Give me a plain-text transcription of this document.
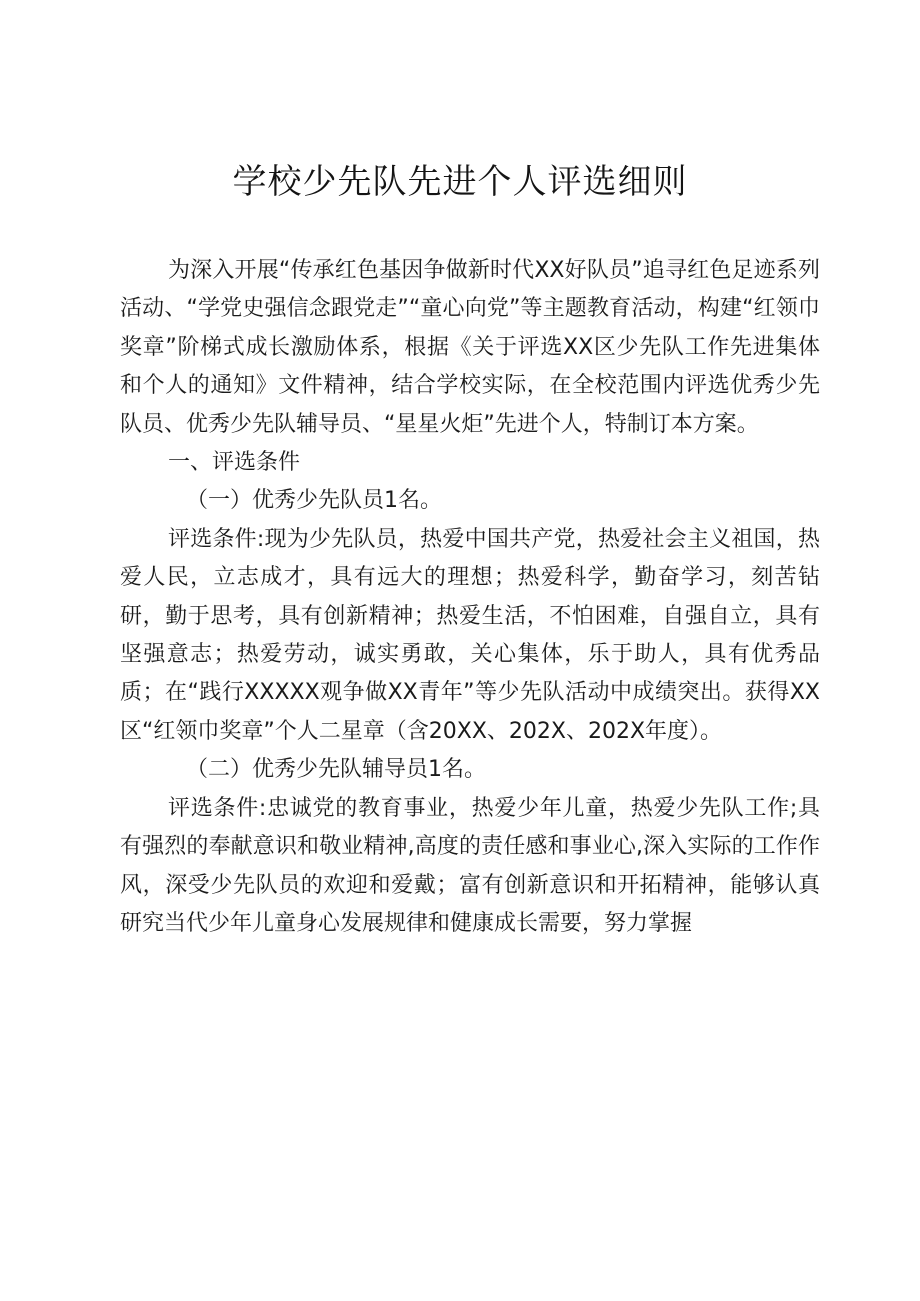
学校少先队先进个人评选细则

为深入开展“传承红色基因争做新时代XX好队员”追寻红色足迹系列活动、“学党史强信念跟党走”“童心向党”等主题教育活动，构建“红领巾奖章”阶梯式成长激励体系，根据《关于评选XX区少先队工作先进集体和个人的通知》文件精神，结合学校实际，在全校范围内评选优秀少先队员、优秀少先队辅导员、“星星火炬”先进个人，特制订本方案。

一、评选条件

（一）优秀少先队员1名。

评选条件:现为少先队员，热爱中国共产党，热爱社会主义祖国，热爱人民，立志成才，具有远大的理想；热爱科学，勤奋学习，刻苦钻研，勤于思考，具有创新精神；热爱生活，不怕困难，自强自立，具有坚强意志；热爱劳动，诚实勇敢，关心集体，乐于助人，具有优秀品质；在“践行XXXXX观争做XX青年”等少先队活动中成绩突出。获得XX区“红领巾奖章”个人二星章（含20XX、202X、202X年度）。

（二）优秀少先队辅导员1名。

评选条件:忠诚党的教育事业，热爱少年儿童，热爱少先队工作;具有强烈的奉献意识和敬业精神,高度的责任感和事业心,深入实际的工作作风，深受少先队员的欢迎和爱戴；富有创新意识和开拓精神，能够认真研究当代少年儿童身心发展规律和健康成长需要，努力掌握
